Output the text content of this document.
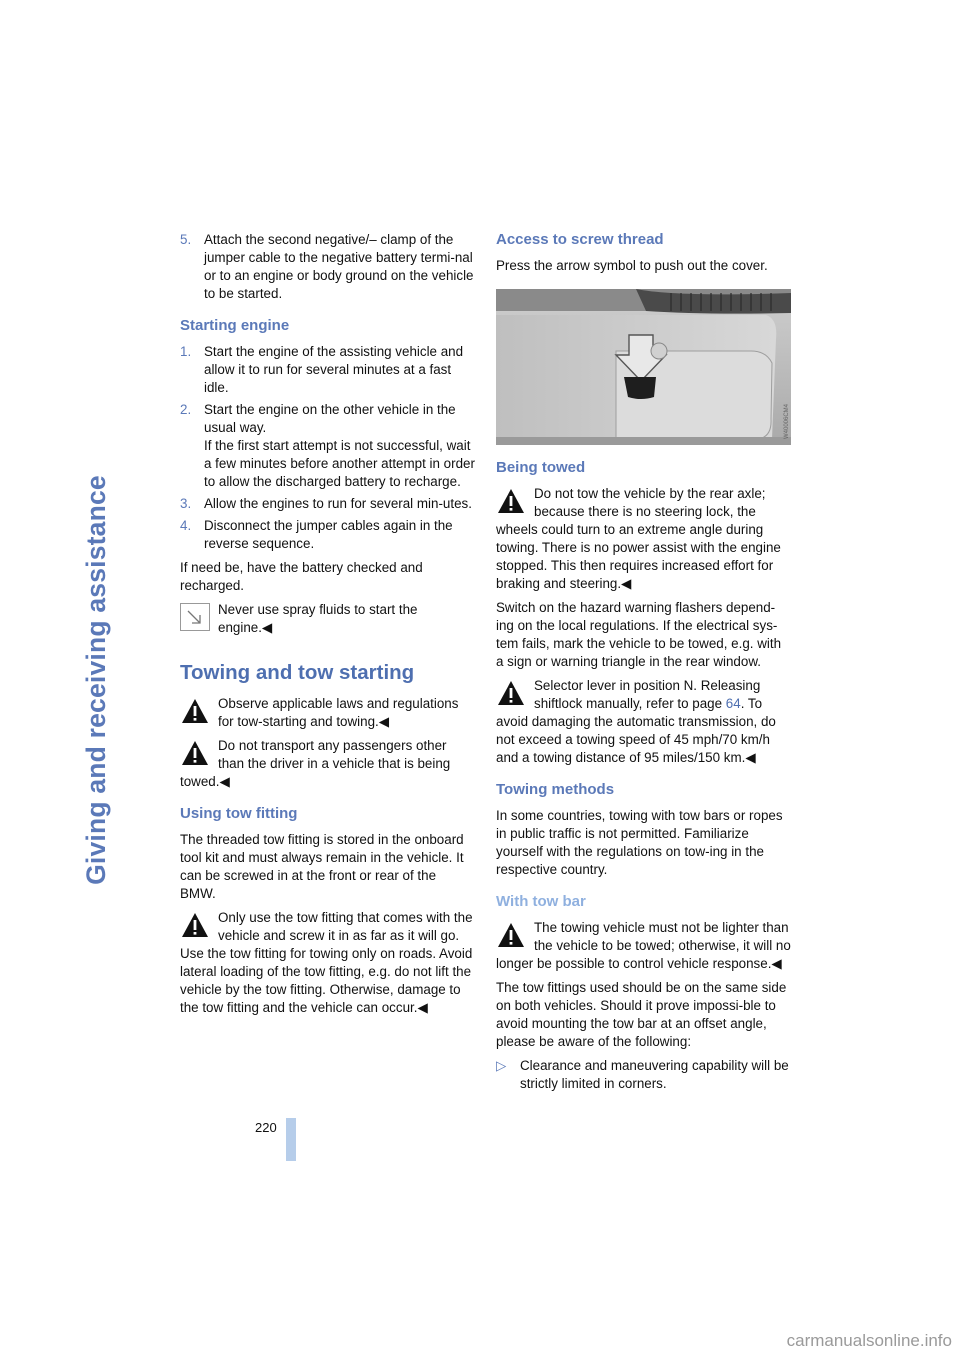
Giving and receiving assistance
5. Attach the second negative/– clamp of the jumper cable to the negative battery termi-nal or to an engine or body ground on the vehicle to be started.
Starting engine
1. Start the engine of the assisting vehicle and allow it to run for several minutes at a fast idle.
2. Start the engine on the other vehicle in the usual way.
If the first start attempt is not successful, wait a few minutes before another attempt in order to allow the discharged battery to recharge.
3. Allow the engines to run for several min-utes.
4. Disconnect the jumper cables again in the reverse sequence.

If need be, have the battery checked and recharged.

Never use spray fluids to start the engine.◀
Towing and tow starting
Observe applicable laws and regulations for tow-starting and towing.◀
Do not transport any passengers other than the driver in a vehicle that is being towed.◀
Using tow fitting

The threaded tow fitting is stored in the onboard tool kit and must always remain in the vehicle. It can be screwed in at the front or rear of the BMW.

Only use the tow fitting that comes with the vehicle and screw it in as far as it will go. Use the tow fitting for towing only on roads. Avoid lateral loading of the tow fitting, e.g. do not lift the vehicle by the tow fitting. Otherwise, damage to the tow fitting and the vehicle can occur.◀
Access to screw thread

Press the arrow symbol to push out the cover.

W40006CM4
Being towed
Do not tow the vehicle by the rear axle; because there is no steering lock, the wheels could turn to an extreme angle during towing. There is no power assist with the engine stopped. This then requires increased effort for braking and steering.◀

Switch on the hazard warning flashers depend-ing on the local regulations. If the electrical sys-tem fails, mark the vehicle to be towed, e.g. with a sign or warning triangle in the rear window.

Selector lever in position N. Releasing shiftlock manually, refer to page 64. To avoid damaging the automatic transmission, do not exceed a towing speed of 45 mph/70 km/h and a towing distance of 95 miles/150 km.◀
Towing methods

In some countries, towing with tow bars or ropes in public traffic is not permitted. Familiarize yourself with the regulations on tow-ing in the respective country.

With tow bar
The towing vehicle must not be lighter than the vehicle to be towed; otherwise, it will no longer be possible to control vehicle response.◀

The tow fittings used should be on the same side on both vehicles. Should it prove impossi-ble to avoid mounting the tow bar at an offset angle, please be aware of the following:

▷ Clearance and maneuvering capability will be strictly limited in corners.
220
carmanualsonline.info
